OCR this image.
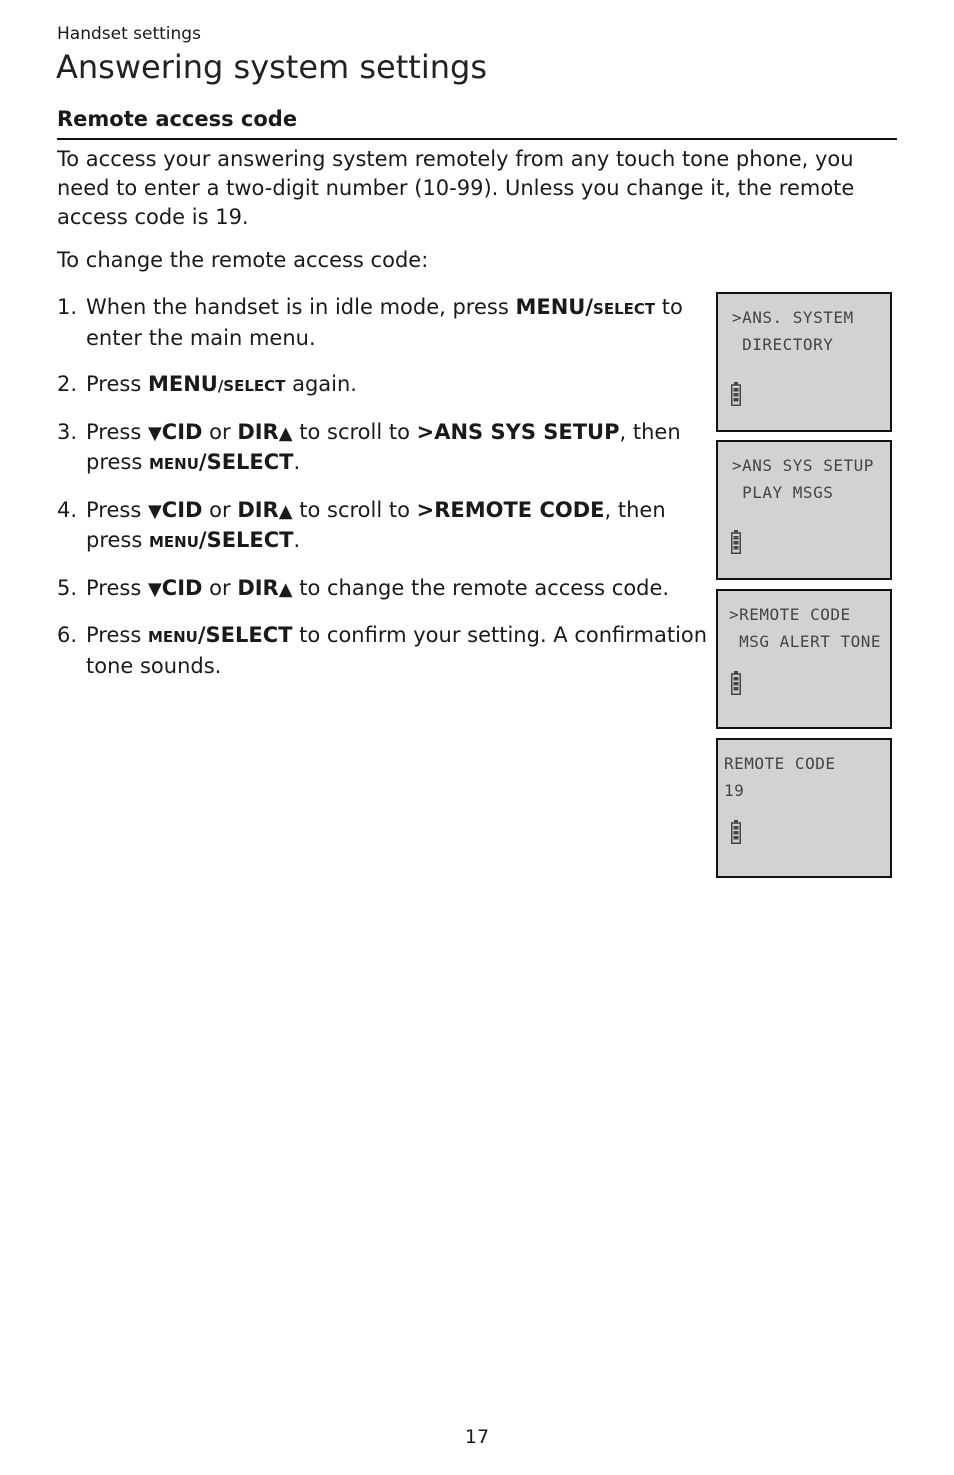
Handset settings
Answering system settings
Remote access code

To access your answering system remotely from any touch tone phone, you need to enter a two-digit number (10-99). Unless you change it, the remote access code is 19.

To change the remote access code:

1. When the handset is in idle mode, press MENU/SELECT to enter the main menu.
2. Press MENU/SELECT again.
3. Press ▼CID or DIR▲ to scroll to >ANS SYS SETUP, then press MENU/SELECT.
4. Press ▼CID or DIR▲ to scroll to >REMOTE CODE, then press MENU/SELECT.
5. Press ▼CID or DIR▲ to change the remote access code.
6. Press MENU/SELECT to confirm your setting. A confirmation tone sounds.
>ANS. SYSTEM
DIRECTORY
>ANS SYS SETUP
PLAY MSGS
>REMOTE CODE
MSG ALERT TONE
REMOTE CODE
19
17
